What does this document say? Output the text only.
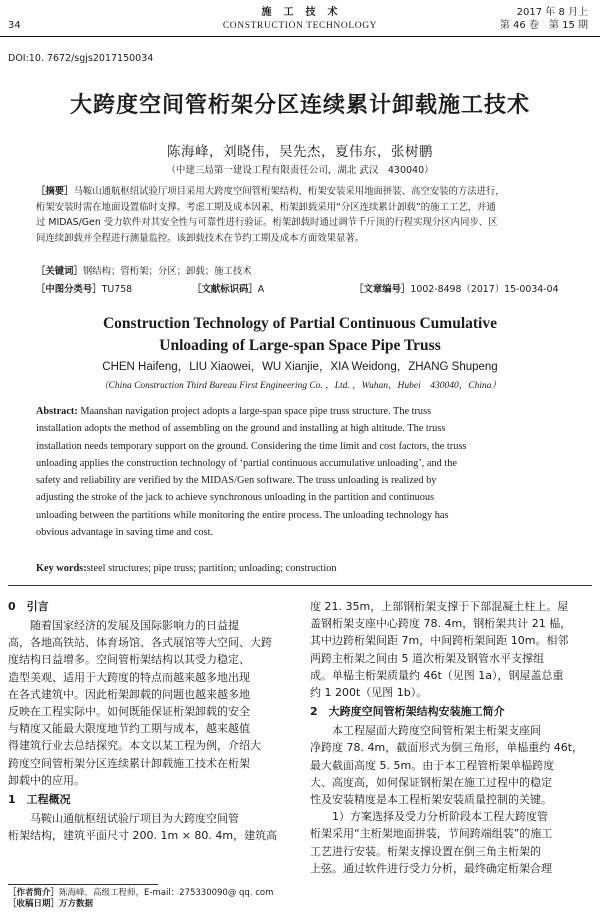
34
施　工　技　术
CONSTRUCTION TECHNOLOGY
2017 年 8 月上
第 46 卷　第 15 期
DOI:10. 7672/sgjs2017150034
大跨度空间管桁架分区连续累计卸载施工技术
陈海峰，刘晓伟，吴先杰，夏伟东，张树鹏
（中建三局第一建设工程有限责任公司，湖北 武汉　430040）
［摘要］马鞍山通航枢纽试验厅项目采用大跨度空间管桁架结构，桁架安装采用地面拼装、高空安装的方法进行，
桁架安装时需在地面设置临时支撑。考虑工期及成本因素，桁架卸载采用“分区连续累计卸载”的施工工艺，并通
过 MIDAS/Gen 受力软件对其安全性与可靠性进行验证。桁架卸载时通过调节千斤顶的行程实现分区内同步、区
间连续卸载并全程进行测量监控。该卸载技术在节约工期及成本方面效果显著。
［关键词］钢结构；管桁架；分区；卸载；施工技术
［中图分类号］TU758	［文献标识码］A	［文章编号］1002-8498（2017）15-0034-04
Construction Technology of Partial Continuous Cumulative
Unloading of Large-span Space Pipe Truss
CHEN Haifeng，LIU Xiaowei，WU Xianjie，XIA Weidong，ZHANG Shupeng
（China Construction Third Bureau First Engineering Co. ，Ltd. ，Wuhan，Hubei　430040，China）
Abstract: Maanshan navigation project adopts a large-span space pipe truss structure. The truss
installation adopts the method of assembling on the ground and installing at high altitude. The truss
installation needs temporary support on the ground. Considering the time limit and cost factors, the truss
unloading applies the construction technology of ‘partial continuous accumulative unloading’, and the
safety and reliability are verified by the MIDAS/Gen software. The truss unloading is realized by
adjusting the stroke of the jack to achieve synchronous unloading in the partition and continuous
unloading between the partitions while monitoring the entire process. The unloading technology has
obvious advantage in saving time and cost.
Key words:steel structures; pipe truss; partition; unloading; construction
0　引言
　　随着国家经济的发展及国际影响力的日益提
高，各地高铁站、体育场馆、各式展馆等大空间、大跨
度结构日益增多。空间管桁架结构以其受力稳定、
造型美观、适用于大跨度的特点而越来越多地出现
在各式建筑中。因此桁架卸载的问题也越来越多地
反映在工程实际中。如何既能保证桁架卸载的安全
与精度又能最大限度地节约工期与成本，越来越值
得建筑行业去总结探究。本文以某工程为例，介绍大
跨度空间管桁架分区连续累计卸载施工技术在桁架
卸载中的应用。
1　工程概况
　　马鞍山通航枢纽试验厅项目为大跨度空间管
桁架结构，建筑平面尺寸 200. 1m × 80. 4m，建筑高
度 21. 35m，上部钢桁架支撑于下部混凝土柱上。屋
盖钢桁架支座中心跨度 78. 4m，钢桁架共计 21 榀，
其中边跨桁架间距 7m，中间跨桁架间距 10m。相邻
两跨主桁架之间由 5 道次桁架及钢管水平支撑组
成。单榀主桁架质量约 46t（见图 1a），钢屋盖总重
约 1 200t（见图 1b）。
2　大跨度空间管桁架结构安装施工简介
　　本工程屋面大跨度空间管桁架主桁架支座间
净跨度 78. 4m，截面形式为倒三角形，单榀重约 46t，
最大截面高度 5. 5m。由于本工程管桁架单榀跨度
大、高度高，如何保证钢桁架在施工过程中的稳定
性及安装精度是本工程桁架安装质量控制的关键。
　　1）方案选择及受力分析阶段本工程大跨度管
桁架采用“主桁架地面拼装，节间跨端组装”的施工
工艺进行安装。桁架支撑设置在倒三角主桁架的
上弦。通过软件进行受力分析，最终确定桁架合理
［作者简介］陈海峰，高级工程师，E-mail：275330090@ qq. com
［收稿日期］万方数据
